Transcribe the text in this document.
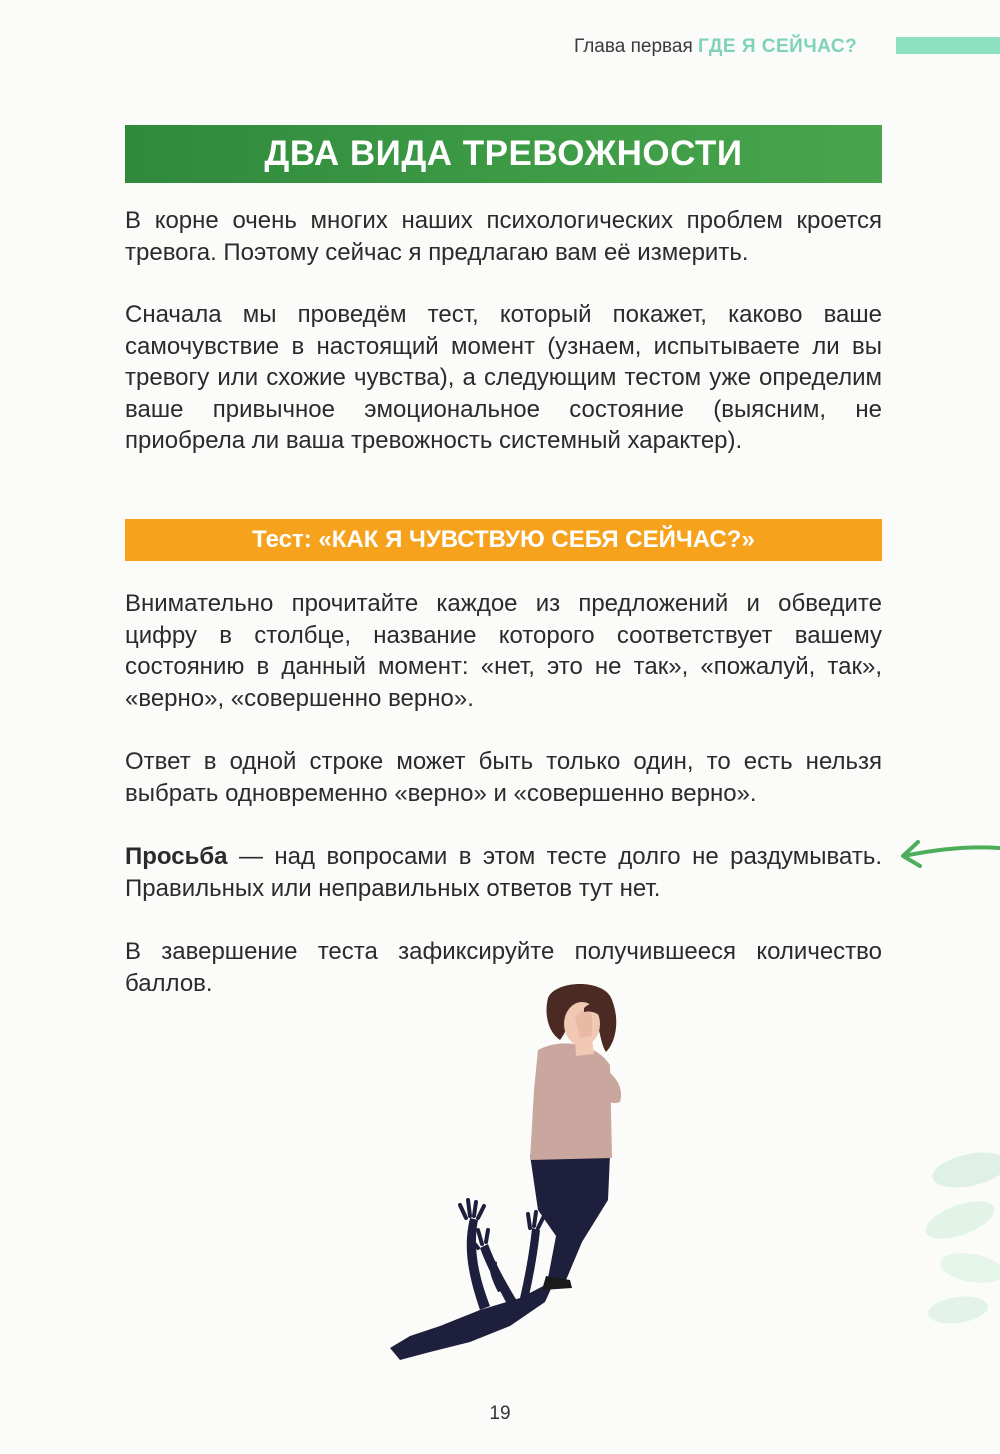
Глава первая ГДЕ Я СЕЙЧАС?
ДВА ВИДА ТРЕВОЖНОСТИ

В корне очень многих наших психологических проблем кроется тревога. Поэтому сейчас я предлагаю вам её измерить.

Сначала мы проведём тест, который покажет, каково ваше самочувствие в настоящий момент (узнаем, испытываете ли вы тревогу или схожие чувства), а следующим тестом уже определим ваше привычное эмоциональное состояние (выясним, не приобрела ли ваша тревожность системный характер).

Тест: «КАК Я ЧУВСТВУЮ СЕБЯ СЕЙЧАС?»

Внимательно прочитайте каждое из предложений и обведите цифру в столбце, название которого соответствует вашему состоянию в данный момент: «нет, это не так», «пожалуй, так», «верно», «совершенно верно».

Ответ в одной строке может быть только один, то есть нельзя выбрать одновременно «верно» и «совершенно верно».

Просьба — над вопросами в этом тесте долго не раздумывать. Правильных или неправильных ответов тут нет.

В завершение теста зафиксируйте получившееся количество баллов.

19
